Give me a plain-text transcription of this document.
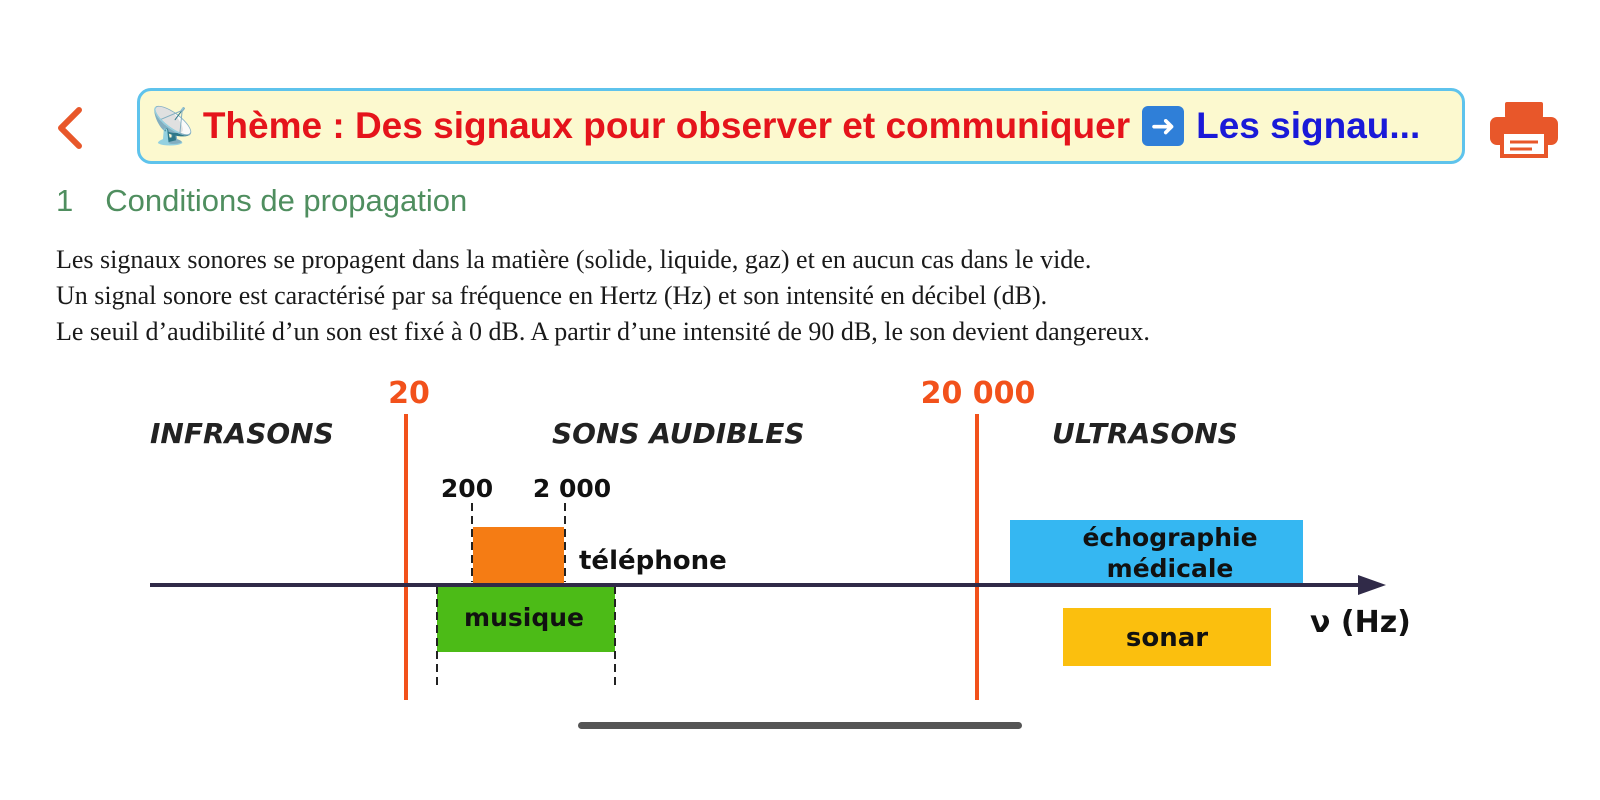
📡 Thème : Des signaux pour observer et communiquer ➜ Les signau...
1 Conditions de propagation

Les signaux sonores se propagent dans la matière (solide, liquide, gaz) et en aucun cas dans le vide.

Un signal sonore est caractérisé par sa fréquence en Hertz (Hz) et son intensité en décibel (dB).

Le seuil d’audibilité d’un son est fixé à 0 dB. A partir d’une intensité de 90 dB, le son devient dangereux.

20	20 000
INFRASONS	SONS AUDIBLES	ULTRASONS
200 2 000
téléphone
musique
échographie
médicale
sonar	ν (Hz)
